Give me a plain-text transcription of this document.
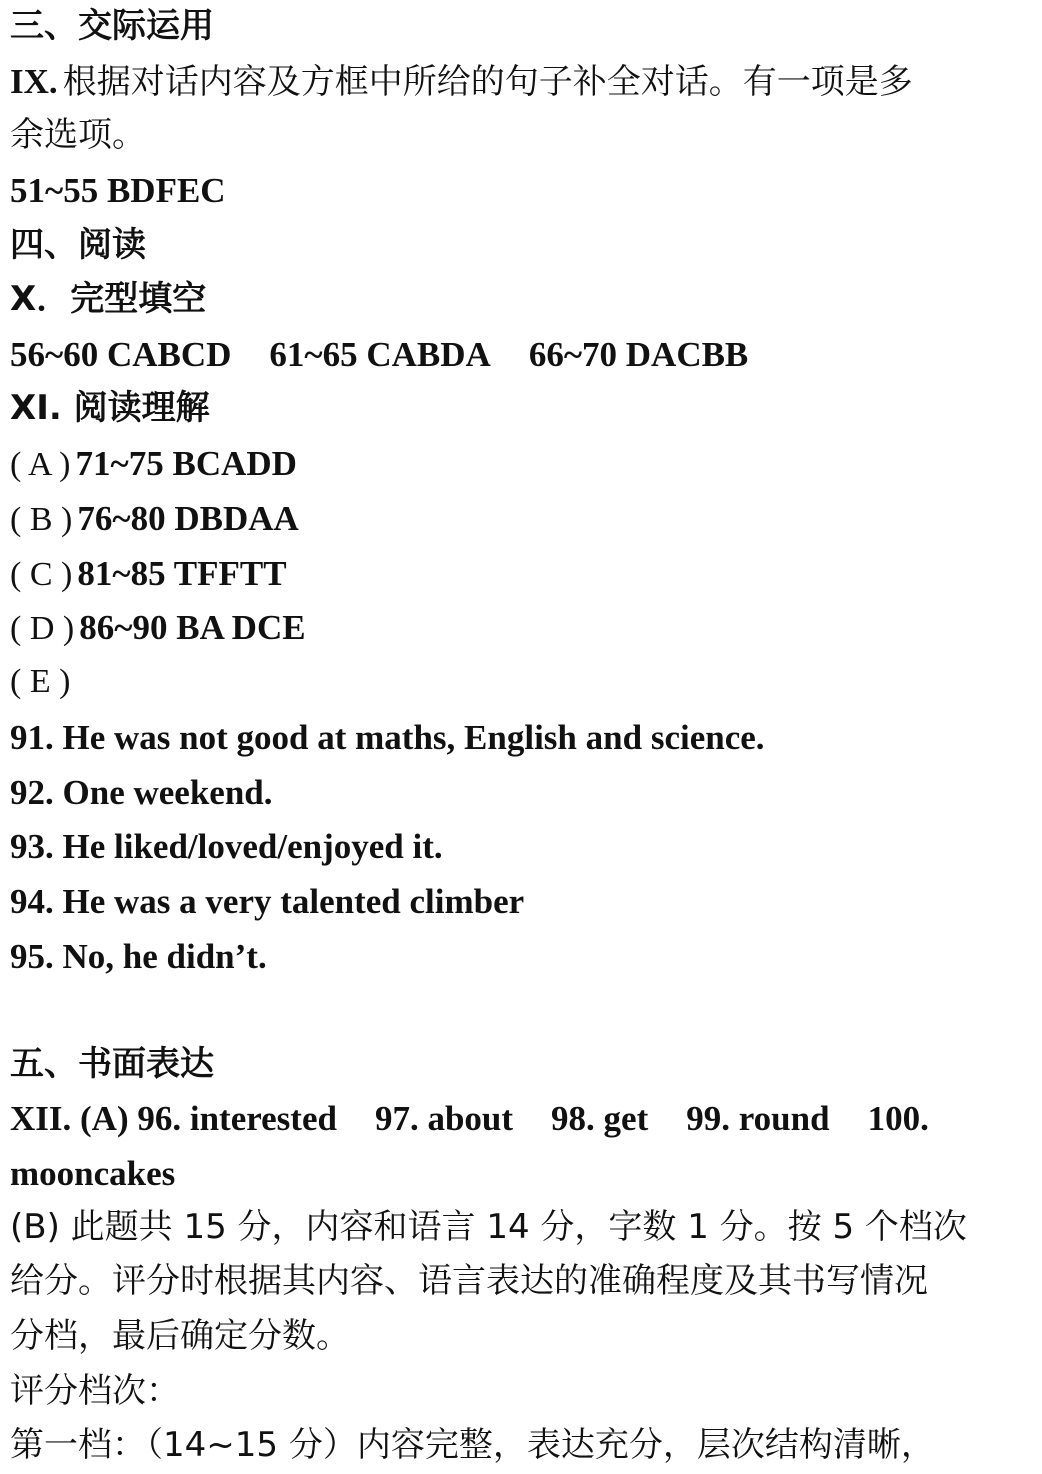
三、交际运用
IX. 根据对话内容及方框中所给的句子补全对话。有一项是多
余选项。
51~55 BDFEC
四、阅读
X．完型填空
56~60 CABCD 61~65 CABDA 66~70 DACBB
XI. 阅读理解
( A ) 71~75 BCADD
( B ) 76~80 DBDAA
( C ) 81~85 TFFTT
( D ) 86~90 BA DCE
( E )
91. He was not good at maths, English and science.
92. One weekend.
93. He liked/loved/enjoyed it.
94. He was a very talented climber
95. No, he didn’t.
五、书面表达
XII. (A) 96. interested 97. about 98. get 99. round 100.
mooncakes
(B) 此题共 15 分，内容和语言 14 分，字数 1 分。按 5 个档次
给分。评分时根据其内容、语言表达的准确程度及其书写情况
分档，最后确定分数。
评分档次：
第一档：（14~15 分）内容完整，表达充分，层次结构清晰，
